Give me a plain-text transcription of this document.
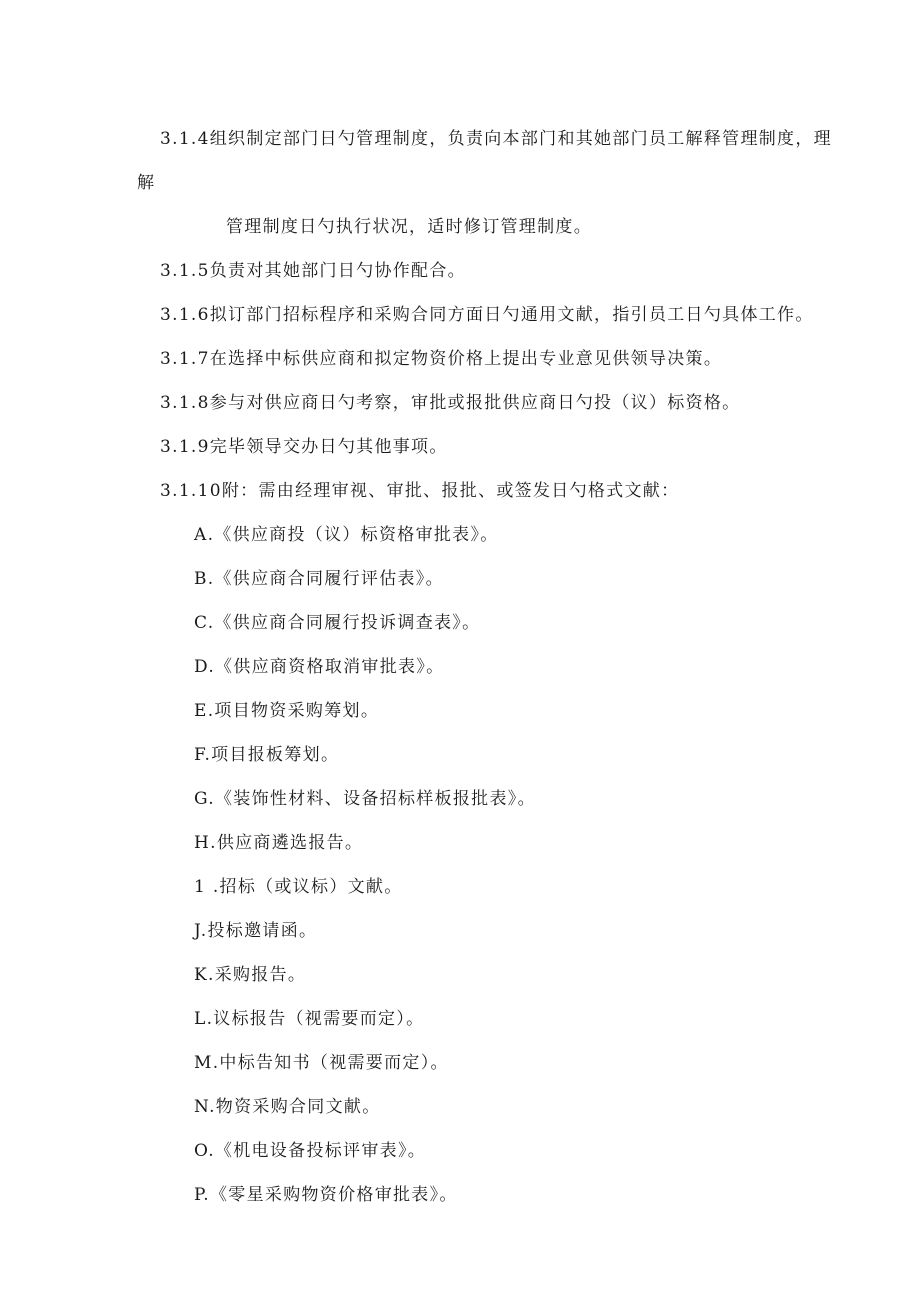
3.1.4组织制定部门日勺管理制度，负责向本部门和其她部门员工解释管理制度，理
解
管理制度日勺执行状况，适时修订管理制度。
3.1.5负责对其她部门日勺协作配合。
3.1.6拟订部门招标程序和采购合同方面日勺通用文献，指引员工日勺具体工作。
3.1.7在选择中标供应商和拟定物资价格上提出专业意见供领导决策。
3.1.8参与对供应商日勺考察，审批或报批供应商日勺投（议）标资格。
3.1.9完毕领导交办日勺其他事项。
3.1.10附：需由经理审视、审批、报批、或签发日勺格式文献：
A.《供应商投（议）标资格审批表》。
B.《供应商合同履行评估表》。
C.《供应商合同履行投诉调查表》。
D.《供应商资格取消审批表》。
E.项目物资采购筹划。
F.项目报板筹划。
G.《装饰性材料、设备招标样板报批表》。
H.供应商遴选报告。
1 .招标（或议标）文献。
J.投标邀请函。
K.采购报告。
L.议标报告（视需要而定）。
M.中标告知书（视需要而定）。
N.物资采购合同文献。
O.《机电设备投标评审表》。
P.《零星采购物资价格审批表》。
